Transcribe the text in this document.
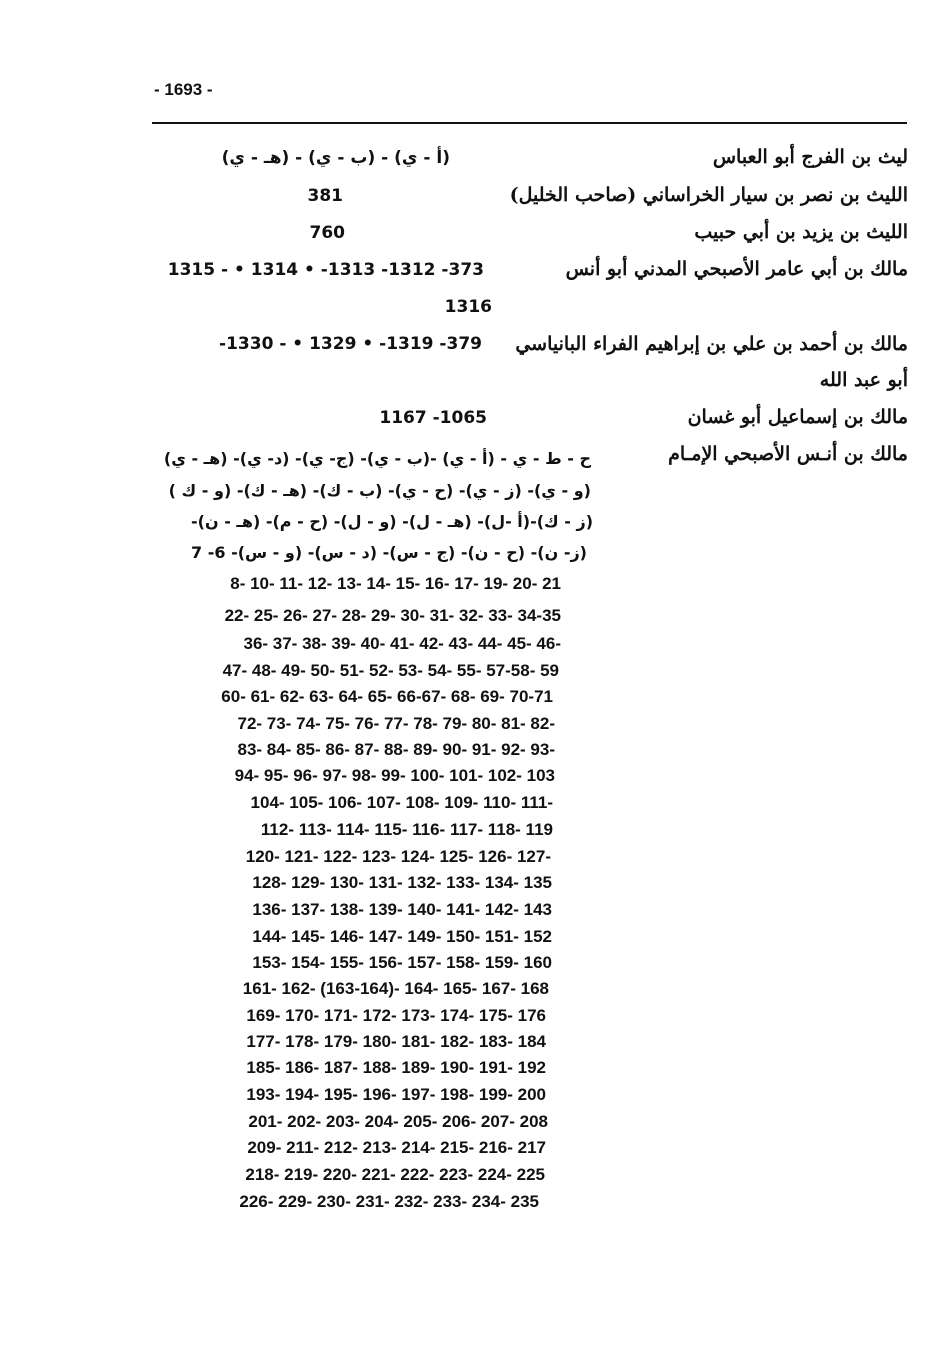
- 1693 -
ليث بن الفرج أبو العباس
الليث بن نصر بن سيار الخراساني (صاحب الخليل)
الليث بن يزيد بن أبي حبيب
مالك بن أبي عامر الأصبحي المدني أبو أنس
مالك بن أحمد بن علي بن إبراهيم الفراء البانياسي
أبو عبد الله
مالك بن إسماعيل أبو غسان
مالك بن أنـس الأصبحي الإمـام
(أ - ي) - (ب - ي) - (هـ - ي)
381
760
373- 1312- 1313- • 1314 • - 1315
1316
379- 1319- • 1329 • - 1330-
1065- 1167
ح - ط - ي - (أ - ي) -(ب - ي)- (ج- ي)- (د- ي)- (هـ - ي)
(و - ي)- (ز - ي)- (ح - ي)- (ب - ك)- (هـ - ك)- (و - ك )
(ز - ك)-(أ -ل)- (هـ - ل)- (و - ل)- (ح - م)- (هـ - ن)-
(ز- ن)- (ح - ن)- (ج - س)- (د - س)- (و - س)- 6- 7
8- 10- 11- 12- 13- 14- 15- 16- 17- 19- 20- 21
22- 25- 26- 27- 28- 29- 30- 31- 32- 33- 34-35
36- 37- 38- 39- 40- 41- 42- 43- 44- 45- 46-
47- 48- 49- 50- 51- 52- 53- 54- 55- 57-58- 59
60- 61- 62- 63- 64- 65- 66-67- 68- 69- 70-71
72- 73- 74- 75- 76- 77- 78- 79- 80- 81- 82-
83- 84- 85- 86- 87- 88- 89- 90- 91- 92- 93-
94- 95- 96- 97- 98- 99- 100- 101- 102- 103
104- 105- 106- 107- 108- 109- 110- 111-
112- 113- 114- 115- 116- 117- 118- 119
120- 121- 122- 123- 124- 125- 126- 127-
128- 129- 130- 131- 132- 133- 134- 135
136- 137- 138- 139- 140- 141- 142- 143
144- 145- 146- 147- 149- 150- 151- 152
153- 154- 155- 156- 157- 158- 159- 160
161- 162- (163-164)- 164- 165- 167- 168
169- 170- 171- 172- 173- 174- 175- 176
177- 178- 179- 180- 181- 182- 183- 184
185- 186- 187- 188- 189- 190- 191- 192
193- 194- 195- 196- 197- 198- 199- 200
201- 202- 203- 204- 205- 206- 207- 208
209- 211- 212- 213- 214- 215- 216- 217
218- 219- 220- 221- 222- 223- 224- 225
226- 229- 230- 231- 232- 233- 234- 235
